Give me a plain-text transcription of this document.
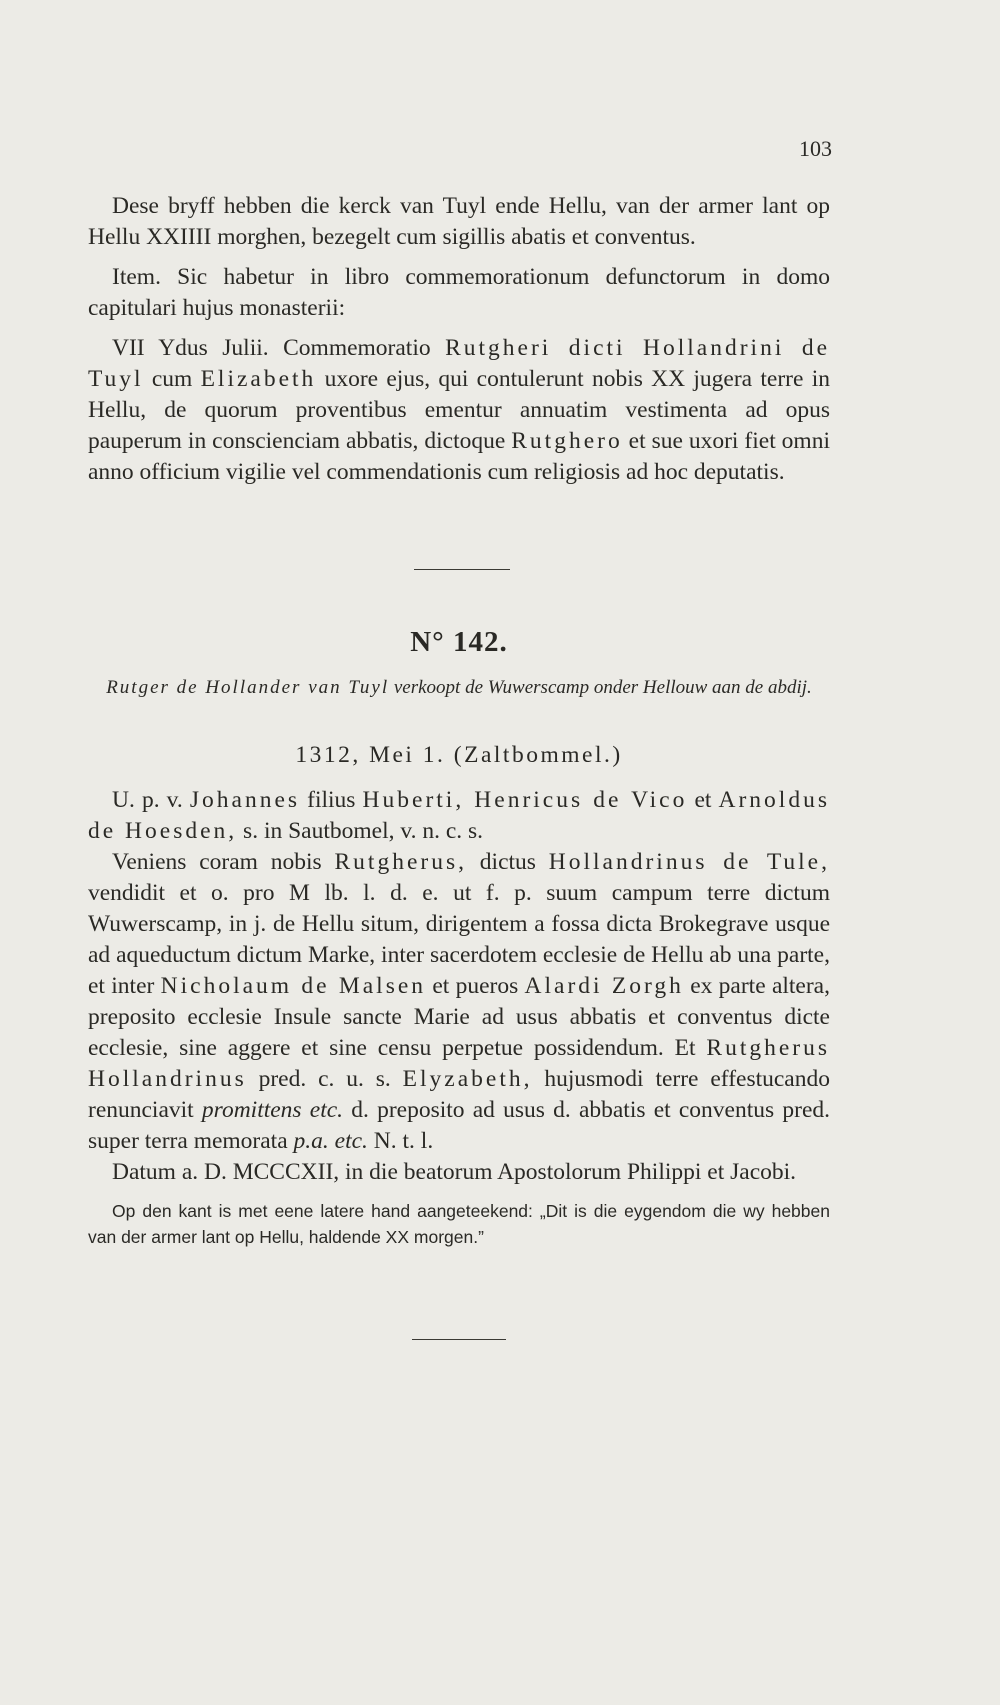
103

Dese bryff hebben die kerck van Tuyl ende Hellu, van der armer lant op Hellu XXIIII morghen, bezegelt cum sigillis abatis et conventus.

Item. Sic habetur in libro commemorationum defunctorum in domo capitulari hujus monasterii:

VII Ydus Julii. Commemoratio Rutgheri dicti Hollandrini de Tuyl cum Elizabeth uxore ejus, qui contulerunt nobis XX jugera terre in Hellu, de quorum proventibus ementur annuatim vestimenta ad opus pauperum in conscienciam abbatis, dictoque Rutghero et sue uxori fiet omni anno officium vigilie vel commendationis cum religiosis ad hoc deputatis.

N° 142.
Rutger de Hollander van Tuyl verkoopt de Wuwerscamp onder Hellouw aan de abdij.
1312, Mei 1. (Zaltbommel.)

U. p. v. Johannes filius Huberti, Henricus de Vico et Arnoldus de Hoesden, s. in Sautbomel, v. n. c. s.

Veniens coram nobis Rutgherus, dictus Hollandrinus de Tule, vendidit et o. pro M lb. l. d. e. ut f. p. suum campum terre dictum Wuwerscamp, in j. de Hellu situm, dirigentem a fossa dicta Brokegrave usque ad aqueductum dictum Marke, inter sacerdotem ecclesie de Hellu ab una parte, et inter Nicholaum de Malsen et pueros Alardi Zorgh ex parte altera, preposito ecclesie Insule sancte Marie ad usus abbatis et conventus dicte ecclesie, sine aggere et sine censu perpetue possidendum. Et Rutgherus Hollandrinus pred. c. u. s. Elyzabeth, hujusmodi terre effestucando renunciavit promittens etc. d. preposito ad usus d. abbatis et conventus pred. super terra memorata p.a. etc. N. t. l.

Datum a. D. MCCCXII, in die beatorum Apostolorum Philippi et Jacobi.

Op den kant is met eene latere hand aangeteekend: „Dit is die eygendom die wy hebben van der armer lant op Hellu, haldende XX morgen.”
